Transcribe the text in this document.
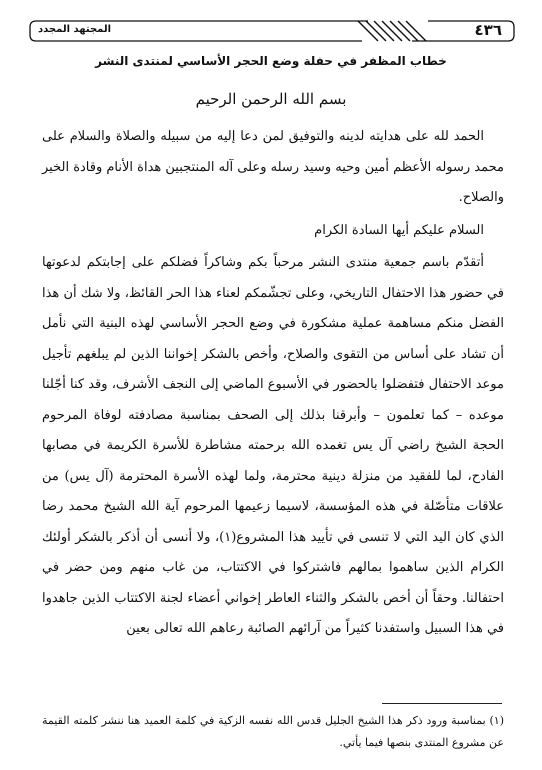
٤٣٦
المجتهد المجدد
خطاب المظفر في حفلة وضع الحجر الأساسي لمنتدى النشر
بسم الله الرحمن الرحيم

الحمد لله على هدايته لدينه والتوفيق لمن دعا إليه من سبيله والصلاة والسلام على محمد رسوله الأعظم أمين وحيه وسيد رسله وعلى آله المنتجبين هداة الأنام وقادة الخير والصلاح.

السلام عليكم أيها السادة الكرام

أتقدّم باسم جمعية منتدى النشر مرحباً بكم وشاكراً فضلكم على إجابتكم لدعوتها في حضور هذا الاحتفال التاريخي، وعلى تجشّمكم لعناء هذا الحر القائظ، ولا شك أن هذا الفضل منكم مساهمة عملية مشكورة في وضع الحجر الأساسي لهذه البنية التي نأمل أن تشاد على أساس من التقوى والصلاح، وأخص بالشكر إخواننا الذين لم يبلغهم تأجيل موعد الاحتفال فتفضلوا بالحضور في الأسبوع الماضي إلى النجف الأشرف، وقد كنا أجّلنا موعده – كما تعلمون – وأبرقنا بذلك إلى الصحف بمناسبة مصادفته لوفاة المرحوم الحجة الشيخ راضي آل يس تغمده الله برحمته مشاطرة للأسرة الكريمة في مصابها الفادح، لما للفقيد من منزلة دينية محترمة، ولما لهذه الأسرة المحترمة (آل يس) من علاقات متأصّلة في هذه المؤسسة، لاسيما زعيمها المرحوم آية الله الشيخ محمد رضا الذي كان اليد التي لا تنسى في تأييد هذا المشروع(١)، ولا أنسى أن أذكر بالشكر أولئك الكرام الذين ساهموا بمالهم فاشتركوا في الاكتتاب، من غاب منهم ومن حضر في احتفالنا. وحقاً أن أخص بالشكر والثناء العاطر إخواني أعضاء لجنة الاكتتاب الذين جاهدوا في هذا السبيل واستفدنا كثيراً من آرائهم الصائبة رعاهم الله تعالى بعين

(١) بمناسبة ورود ذكر هذا الشيخ الجليل قدس الله نفسه الزكية في كلمة العميد هنا ننشر كلمته القيمة عن مشروع المنتدى بنصها فيما يأتي.
